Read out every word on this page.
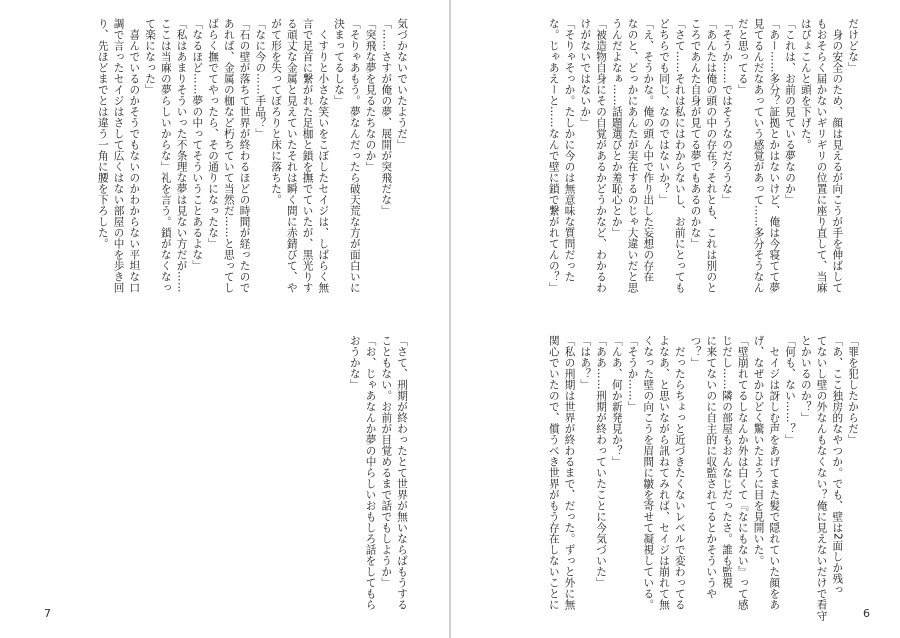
気づかないでいたようだ」
「……さすが俺の夢、展開が突飛だな」
「突飛な夢を見るたちなのか」
「そりゃあもう。夢なんだったら破天荒な方が面白いに
決まってるしな」
　くすりと小さな笑いをこぼしたセイジは、しばらく無
言で足首に繋がれた足枷と鎖を撫でていたが、黒光りす
る頑丈な金属と見えていたそれは瞬く間に赤錆びて、や
がて形を失ってぼろりと床に落ちた。
「なに今の……手品？」
「石の壁が落ちて世界が終わるほどの時間が経ったので
あれば、金属の枷など朽ちていて当然だ……と思ってし
ばらく撫でてやったら、その通りになったな」
「なるほど……夢の中ってそういうことあるよな」
「私はあまりそういった不条理な夢は見ない方だが……
ここは当麻の夢らしいからな」礼を言う。鎖がなくなっ
て楽になった」
　喜んでいるのかそうでもないのかわからない平坦な口
調で言ったセイジはさして広くはない部屋の中を歩き回
り、先ほどまでとは違う一角に腰を下ろした。
「さて、刑期が終わったとて世界が無いならばもうする
こともない。お前が目覚めるまで話でもしようか」
「お、じゃあなんか夢の中らしいおもしろ話をしてもら
おうかな」
7
だけどな」
　身の安全のため、顔は見えるが向こうが手を伸ばして
もおそらく届かないギリギリの位置に座り直して、当麻
はぴょこんと頭を下げた。
「これは、お前の見ている夢なのか」
「あー……多分？証拠とかはないけど、俺は今寝てて夢
見てるんだなあっていう感覚があって……多分そうなん
だと思ってる」
「そうか……ではそうなのだろうな」
「あんたは俺の頭の中の存在？それとも、これは別のと
ころであんた自身が見てる夢でもあるのかな」
「さて……それは私にはわからないし、お前にとっても
どちらでも同じ、なのではないか？」
「え、そうかな。俺の頭ん中で作り出した妄想の存在
なのと、どっかにあんたが実在するのじゃ大違いだと思
うんだよなぁ……話題選びとか羞恥心とか」
「被造物自身にその自覚があるかどうかなど、わかるわ
けがないではないか」
「そりゃそっか。たしかに今のは無意味な質問だった
な。じゃあえーと……なんで壁に鎖で繋がれてんの？」
「罪を犯したからだ」
「あ、ここ独房的なやつか。でも、壁は2面しか残っ
てないし壁の外なんもなくない？俺に見えないだけで看守
とかいるのか？」
「何も、ない……？」
　セイジは訝しむ声をあげてまた髪で隠れていた顔をあ
げ、なぜかひどく驚いたように目を見開いた。
「壁崩れてるしなんか外は白くて『なにもない』って感
じだし……隣の部屋もおんなじだったさ。誰も監視
に来てないのに自主的に収監されてるとかそういうや
つ？」
　だったらちょっと近づきたくないレベルで変わってる
よなあ、と思いながら訊ねてみれば、セイジは崩れて無
くなった壁の向こうを眉間に皺を寄せて凝視している。
「そうか……」
「んあ、何か新発見か？」
「ああ……刑期が終わっていたことに今気づいた」
「はあ？」
「私の刑期は世界が終わるまで、だった。ずっと外に無
関心でいたので、償うべき世界がもう存在しないことに
6
